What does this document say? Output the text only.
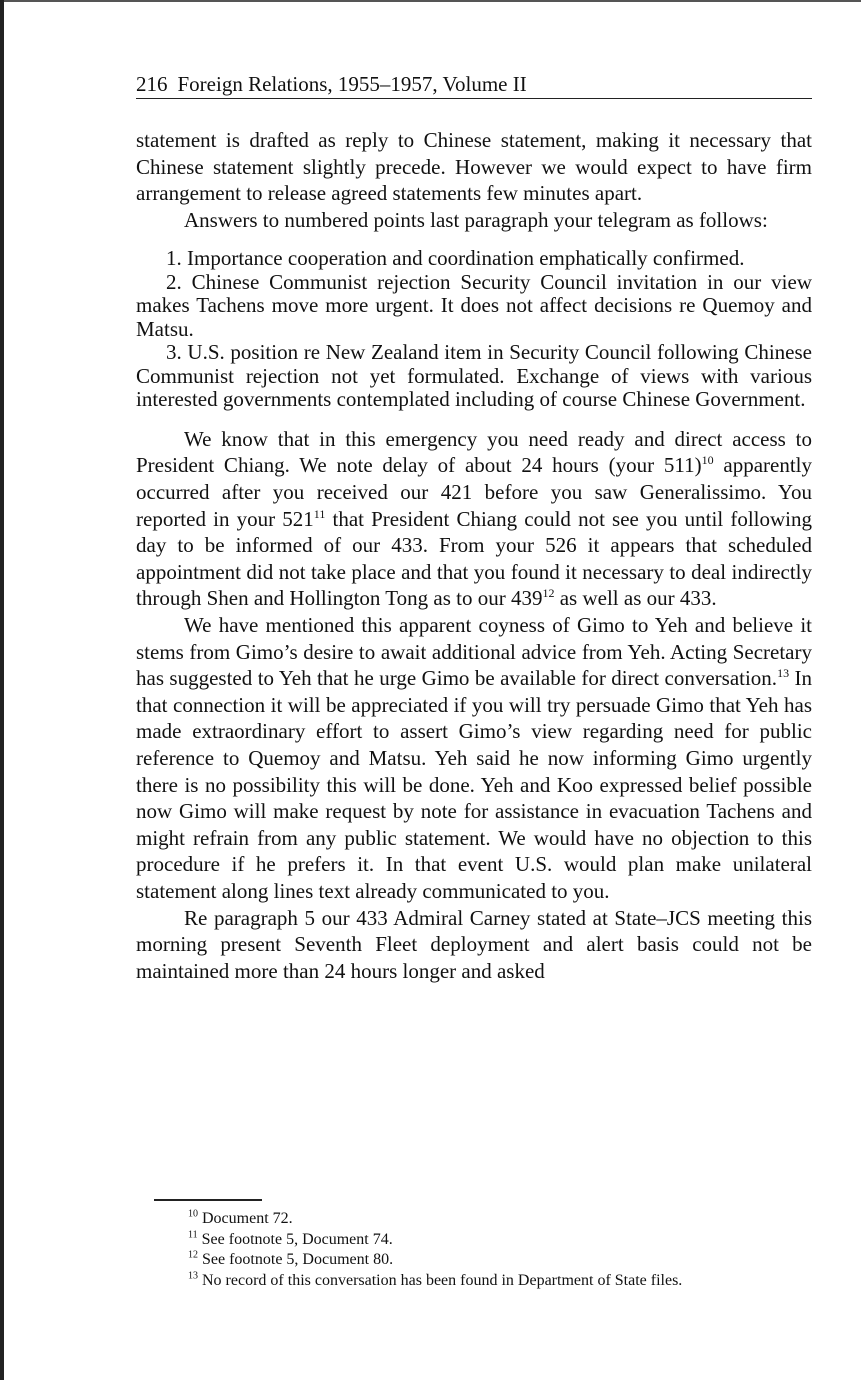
216 Foreign Relations, 1955–1957, Volume II

statement is drafted as reply to Chinese statement, making it necessary that Chinese statement slightly precede. However we would expect to have firm arrangement to release agreed statements few minutes apart.

Answers to numbered points last paragraph your telegram as follows:

1. Importance cooperation and coordination emphatically confirmed.

2. Chinese Communist rejection Security Council invitation in our view makes Tachens move more urgent. It does not affect decisions re Quemoy and Matsu.

3. U.S. position re New Zealand item in Security Council following Chinese Communist rejection not yet formulated. Exchange of views with various interested governments contemplated including of course Chinese Government.

We know that in this emergency you need ready and direct access to President Chiang. We note delay of about 24 hours (your 511)$^{10}$ apparently occurred after you received our 421 before you saw Generalissimo. You reported in your $521^{11}$ that President Chiang could not see you until following day to be informed of our 433. From your 526 it appears that scheduled appointment did not take place and that you found it necessary to deal indirectly through Shen and Hollington Tong as to our $439^{12}$ as well as our 433.

We have mentioned this apparent coyness of Gimo to Yeh and believe it stems from Gimo’s desire to await additional advice from Yeh. Acting Secretary has suggested to Yeh that he urge Gimo be available for direct conversation.$^{13}$ In that connection it will be appreciated if you will try persuade Gimo that Yeh has made extraordinary effort to assert Gimo’s view regarding need for public reference to Quemoy and Matsu. Yeh said he now informing Gimo urgently there is no possibility this will be done. Yeh and Koo expressed belief possible now Gimo will make request by note for assistance in evacuation Tachens and might refrain from any public statement. We would have no objection to this procedure if he prefers it. In that event U.S. would plan make unilateral statement along lines text already communicated to you.

Re paragraph 5 our 433 Admiral Carney stated at State–JCS meeting this morning present Seventh Fleet deployment and alert basis could not be maintained more than 24 hours longer and asked

$^{10}$ Document 72.
$^{11}$ See footnote 5, Document 74.
$^{12}$ See footnote 5, Document 80.
$^{13}$ No record of this conversation has been found in Department of State files.
